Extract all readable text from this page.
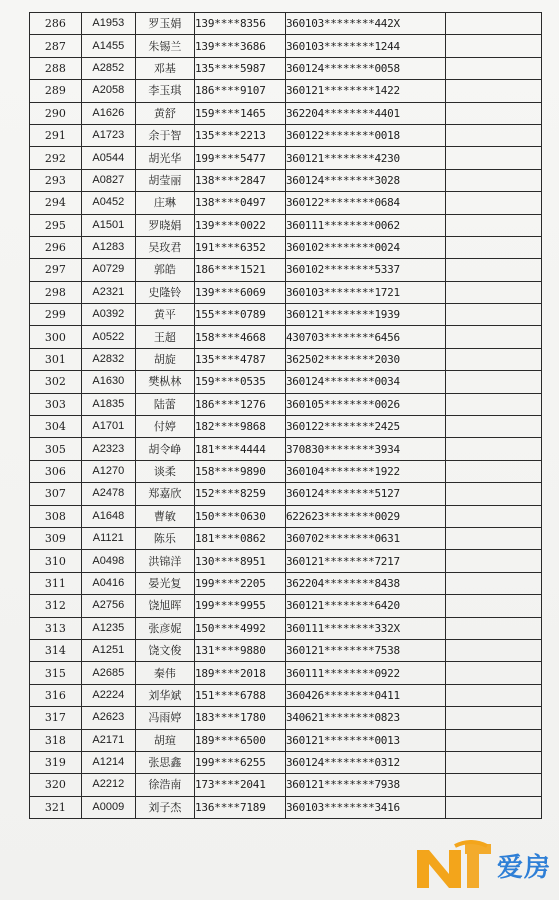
286	A1953	罗玉娟	139****8356	360103********442X	
287	A1455	朱锡兰	139****3686	360103********1244	
288	A2852	邓基	135****5987	360124********0058	
289	A2058	李玉琪	186****9107	360121********1422	
290	A1626	黄舒	159****1465	362204********4401	
291	A1723	余于智	135****2213	360122********0018	
292	A0544	胡光华	199****5477	360121********4230	
293	A0827	胡莹丽	138****2847	360124********3028	
294	A0452	庄琳	138****0497	360122********0684	
295	A1501	罗晓娟	139****0022	360111********0062	
296	A1283	吴玫君	191****6352	360102********0024	
297	A0729	郭皓	186****1521	360102********5337	
298	A2321	史隆铃	139****6069	360103********1721	
299	A0392	黄平	155****0789	360121********1939	
300	A0522	王超	158****4668	430703********6456	
301	A2832	胡旋	135****4787	362502********2030	
302	A1630	樊枞林	159****0535	360124********0034	
303	A1835	陆蕾	186****1276	360105********0026	
304	A1701	付婷	182****9868	360122********2425	
305	A2323	胡令峥	181****4444	370830********3934	
306	A1270	谈柔	158****9890	360104********1922	
307	A2478	郑嘉欣	152****8259	360124********5127	
308	A1648	曹敏	150****0630	622623********0029	
309	A1121	陈乐	181****0862	360702********0631	
310	A0498	洪锦洋	130****8951	360121********7217	
311	A0416	晏光复	199****2205	362204********8438	
312	A2756	饶旭晖	199****9955	360121********6420	
313	A1235	张彦妮	150****4992	360111********332X	
314	A1251	饶文俊	131****9880	360121********7538	
315	A2685	秦伟	189****2018	360111********0922	
316	A2224	刘华斌	151****6788	360426********0411	
317	A2623	冯雨婷	183****1780	340621********0823	
318	A2171	胡瑄	189****6500	360121********0013	
319	A1214	张思鑫	199****6255	360124********0312	
320	A2212	徐浩南	173****2041	360121********7938	
321	A0009	刘子杰	136****7189	360103********3416	
爱房
